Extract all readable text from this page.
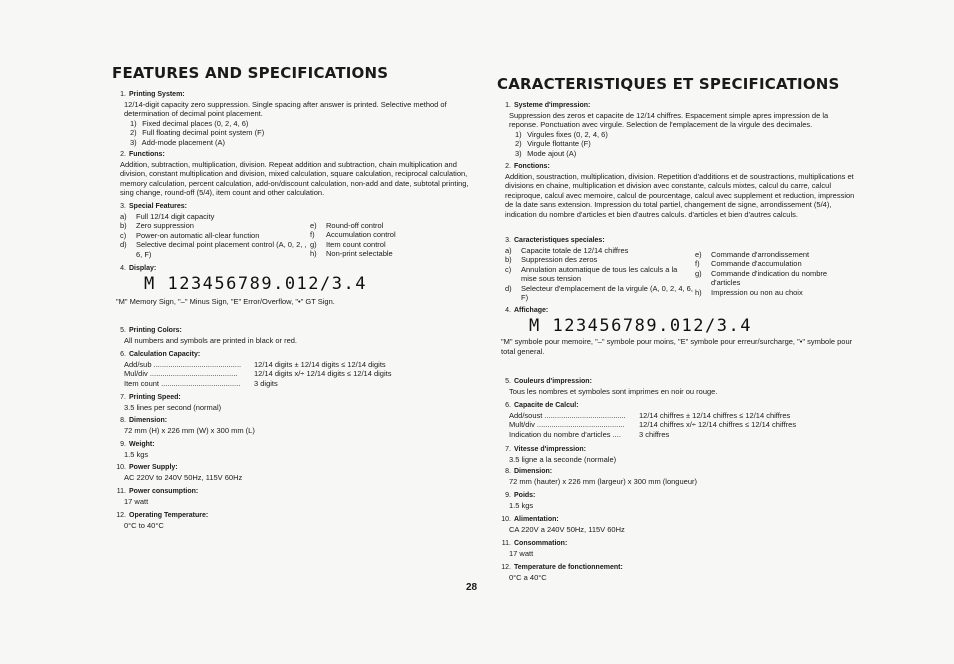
FEATURES AND SPECIFICATIONS
1. Printing System:
12/14-digit capacity zero suppression. Single spacing after answer is printed. Selective method of determination of decimal point placement.
1) Fixed decimal places (0, 2, 4, 6)
2) Full floating decimal point system (F)
3) Add-mode placement (A)
2. Functions:
Addition, subtraction, multiplication, division. Repeat addition and subtraction, chain multiplication and division, constant multiplication and division, mixed calculation, square calculation, reciprocal calculation, memory calculation, percent calculation, add-on/discount calculation, non-add and date, subtotal printing, sing change, round-off (5/4), item count and other calculation.
3. Special Features:
a)	Full 12/14 digit capacity
b)	Zero suppression
c)	Power-on automatic all-clear function
d)	Selective decimal point placement control (A, 0, 2, , 6, F)
e)	Round-off control
f)	Accumulation control
g)	Item count control
h)	Non-print selectable
4. Display:
M 123456789.012/3.4
"M" Memory Sign, "–" Minus Sign, "E" Error/Overflow, "•" GT Sign.
5. Printing Colors:
All numbers and symbols are printed in black or red.
6. Calculation Capacity:
Add/sub ..........................................	12/14 digits ± 12/14 digits ≤ 12/14 digits
Mul/div ..........................................	12/14 digits x/÷ 12/14 digits ≤ 12/14 digits
Item count ......................................	3 digits
7. Printing Speed:
3.5 lines per second (normal)
8. Dimension:
72 mm (H) x 226 mm (W) x 300 mm (L)
9. Weight:
1.5 kgs
10. Power Supply:
AC 220V to 240V 50Hz, 115V 60Hz
11. Power consumption:
17 watt
12. Operating Temperature:
0°C to 40°C
CARACTERISTIQUES ET SPECIFICATIONS
1. Systeme d'impression:
Suppression des zeros et capacite de 12/14 chiffres. Espacement simple apres impression de la reponse. Ponctuation avec virgule. Selection de l'emplacement de la virgule des decimales.
1) Virgules fixes (0, 2, 4, 6)
2) Virgule flottante (F)
3) Mode ajout (A)
2. Fonctions:
Addition, soustraction, multiplication, division. Repetition d'additions et de soustractions, multiplications et divisions en chaine, multiplication et division avec constante, calculs mixtes, calcul du carre, calcul reciproque, calcul avec memoire, calcul de pourcentage, calcul avec supplement et reduction, impression de la date sans extension. Impression du total partiel, changement de signe, arrondissement (5/4), indication du nombre d'articles et bien d'autres calculs. d'articles et bien d'autres calculs.
3. Caracteristiques speciales:
a)	Capacite totale de 12/14 chiffres
b)	Suppression des zeros
c)	Annulation automatique de tous les calculs a la mise sous tension
d)	Selecteur d'emplacement de la virgule (A, 0, 2, 4, 6, F)
e)	Commande d'arrondissement
f)	Commande d'accumulation
g)	Commande d'indication du nombre d'articles
h)	Impression ou non au choix
4. Affichage:
M 123456789.012/3.4
"M" symbole pour memoire, "–" symbole pour moins, "E" symbole pour erreur/surcharge, "•" symbole pour total general.
5. Couleurs d'impression:
Tous les nombres et symboles sont imprimes en noir ou rouge.
6. Capacite de Calcul:
Add/soust .......................................	12/14 chiffres ± 12/14 chiffres ≤ 12/14 chiffres
Mult/div ..........................................	12/14 chiffres x/÷ 12/14 chiffres ≤ 12/14 chiffres
Indication du nombre d'articles ....	3 chiffres
7. Vitesse d'impression:
3.5 ligne a la seconde (normale)
8. Dimension:
72 mm (hauter) x 226 mm (largeur) x 300 mm (longueur)
9. Poids:
1.5 kgs
10. Alimentation:
CA 220V a 240V 50Hz, 115V 60Hz
11. Consommation:
17 watt
12. Temperature de fonctionnement:
0°C a 40°C
28
